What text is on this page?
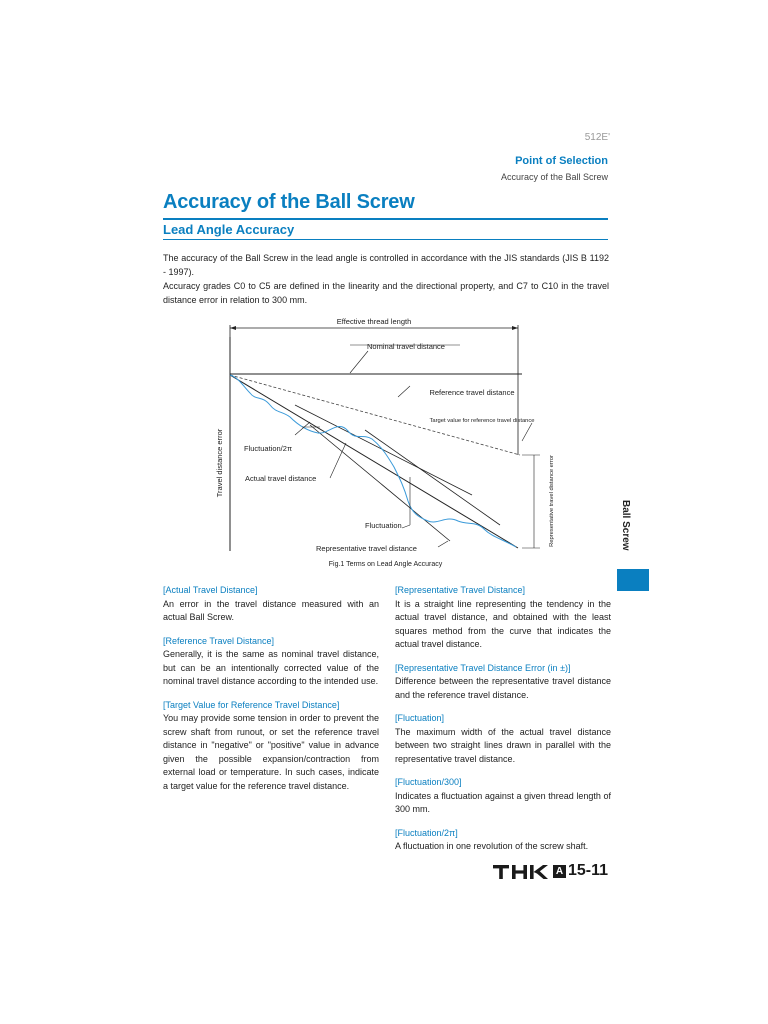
512E'
Point of Selection
Accuracy of the Ball Screw
Accuracy of the Ball Screw
Lead Angle Accuracy
The accuracy of the Ball Screw in the lead angle is controlled in accordance with the JIS standards (JIS B 1192 - 1997).
Accuracy grades C0 to C5 are defined in the linearity and the directional property, and C7 to C10 in the travel distance error in relation to 300 mm.
Effective thread length
Nominal travel distance
Reference travel distance
Target value for reference travel distance
Fluctuation/2π
Actual travel distance
Fluctuation
Representative travel distance
Representative travel distance error
Travel distance error
Fig.1 Terms on Lead Angle Accuracy

[Actual Travel Distance]

An error in the travel distance measured with an actual Ball Screw.

[Reference Travel Distance]

Generally, it is the same as nominal travel distance, but can be an intentionally corrected value of the nominal travel distance according to the intended use.

[Target Value for Reference Travel Distance]

You may provide some tension in order to prevent the screw shaft from runout, or set the reference travel distance in "negative" or "positive" value in advance given the possible expansion/contraction from external load or temperature. In such cases, indicate a target value for the reference travel distance.

[Representative Travel Distance]

It is a straight line representing the tendency in the actual travel distance, and obtained with the least squares method from the curve that indicates the actual travel distance.

[Representative Travel Distance Error (in ±)]

Difference between the representative travel distance and the reference travel distance.

[Fluctuation]

The maximum width of the actual travel distance between two straight lines drawn in parallel with the representative travel distance.

[Fluctuation/300]

Indicates a fluctuation against a given thread length of 300 mm.

[Fluctuation/2π]

A fluctuation in one revolution of the screw shaft.

Ball Screw
A 15-11
